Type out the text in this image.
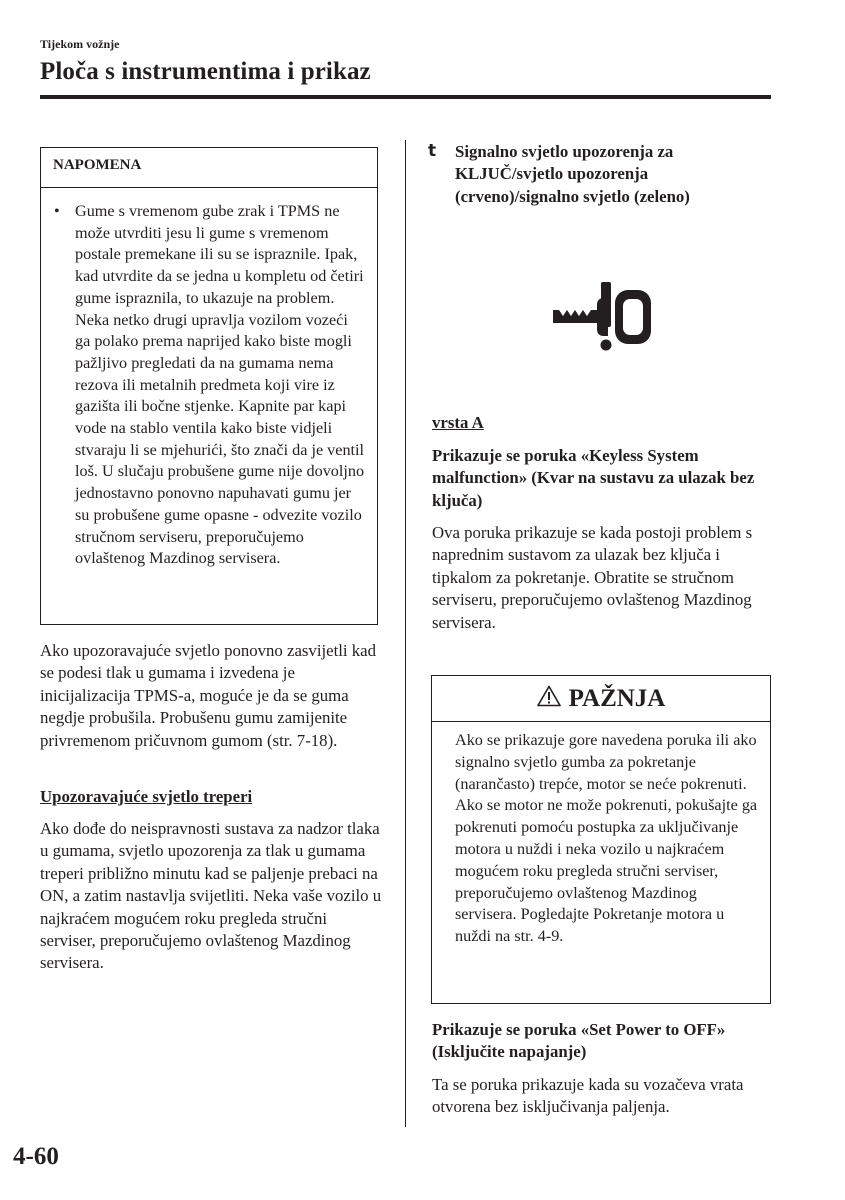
Tijekom vožnje
Ploča s instrumentima i prikaz
NAPOMENA
• Gume s vremenom gube zrak i TPMS ne može utvrditi jesu li gume s vremenom postale premekane ili su se ispraznile. Ipak, kad utvrdite da se jedna u kompletu od četiri gume ispraznila, to ukazuje na problem. Neka netko drugi upravlja vozilom vozeći ga polako prema naprijed kako biste mogli pažljivo pregledati da na gumama nema rezova ili metalnih predmeta koji vire iz gazišta ili bočne stjenke. Kapnite par kapi vode na stablo ventila kako biste vidjeli stvaraju li se mjehurići, što znači da je ventil loš. U slučaju probušene gume nije dovoljno jednostavno ponovno napuhavati gumu jer su probušene gume opasne - odvezite vozilo stručnom serviseru, preporučujemo ovlaštenog Mazdinog servisera.
Ako upozoravajuće svjetlo ponovno zasvijetli kad se podesi tlak u gumama i izvedena je inicijalizacija TPMS-a, moguće je da se guma negdje probušila. Probušenu gumu zamijenite privremenom pričuvnom gumom (str. 7-18).
Upozoravajuće svjetlo treperi
Ako dođe do neispravnosti sustava za nadzor tlaka u gumama, svjetlo upozorenja za tlak u gumama treperi približno minutu kad se paljenje prebaci na ON, a zatim nastavlja svijetliti. Neka vaše vozilo u najkraćem mogućem roku pregleda stručni serviser, preporučujemo ovlaštenog Mazdinog servisera.
t Signalno svjetlo upozorenja za KLJUČ/svjetlo upozorenja (crveno)/signalno svjetlo (zeleno)
vrsta A
Prikazuje se poruka «Keyless System malfunction» (Kvar na sustavu za ulazak bez ključa)
Ova poruka prikazuje se kada postoji problem s naprednim sustavom za ulazak bez ključa i tipkalom za pokretanje. Obratite se stručnom serviseru, preporučujemo ovlaštenog Mazdinog servisera.
PAŽNJA
Ako se prikazuje gore navedena poruka ili ako signalno svjetlo gumba za pokretanje (narančasto) trepće, motor se neće pokrenuti. Ako se motor ne može pokrenuti, pokušajte ga pokrenuti pomoću postupka za uključivanje motora u nuždi i neka vozilo u najkraćem mogućem roku pregleda stručni serviser, preporučujemo ovlaštenog Mazdinog servisera. Pogledajte Pokretanje motora u nuždi na str. 4-9.
Prikazuje se poruka «Set Power to OFF» (Isključite napajanje)
Ta se poruka prikazuje kada su vozačeva vrata otvorena bez isključivanja paljenja.
4-60
